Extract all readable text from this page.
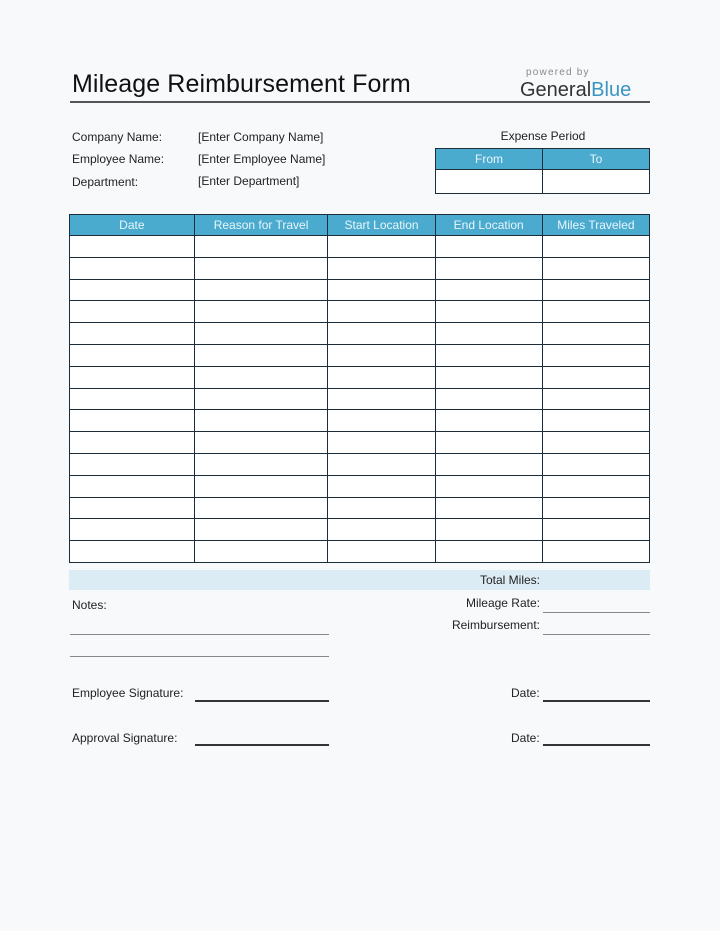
Mileage Reimbursement Form	powered by
GeneralBlue
Company Name:	[Enter Company Name]
Employee Name:	[Enter Employee Name]
Department:	[Enter Department]
Expense Period
From	To

Date	Reason for Travel	Start Location	End Location	Miles Traveled

Total Miles:
Notes:	Mileage Rate:
Reimbursement:
Employee Signature:	Date:
Approval Signature:	Date:
